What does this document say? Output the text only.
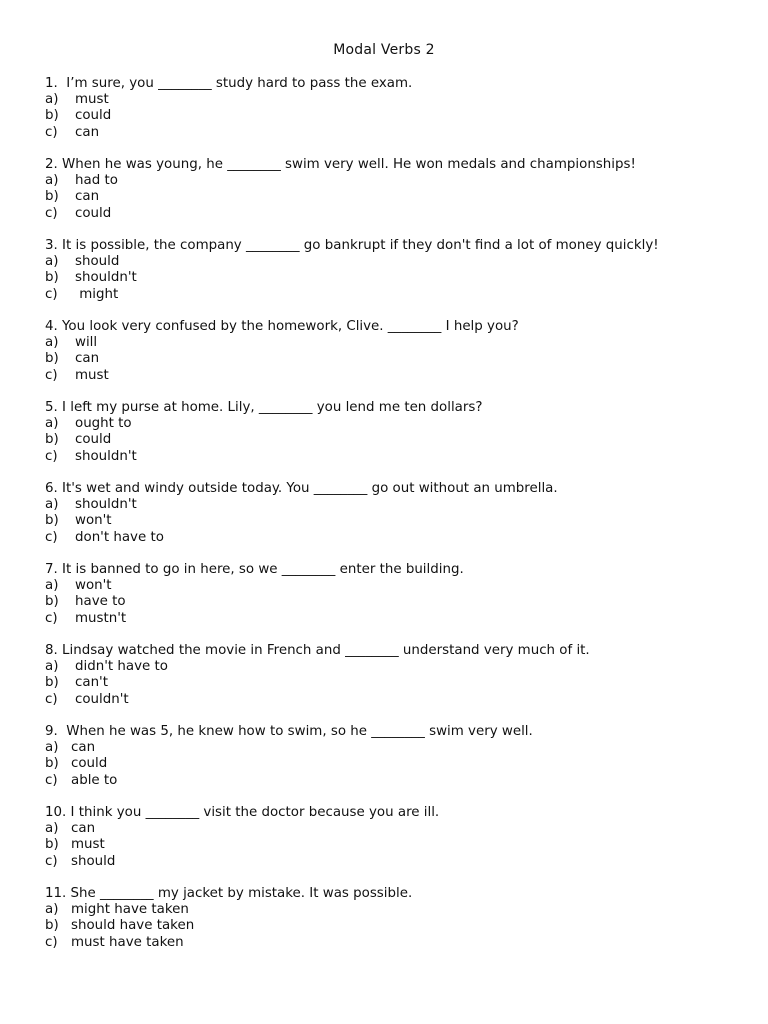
Modal Verbs 2
1.  I’m sure, you ________ study hard to pass the exam.
a)	must
b)	could
c)	can
2. When he was young, he ________ swim very well. He won medals and championships!
a)	had to
b)	can
c)	could
3. It is possible, the company ________ go bankrupt if they don't find a lot of money quickly!
a)	should
b)	shouldn't
c)	might
4. You look very confused by the homework, Clive. ________ I help you?
a)	will
b)	can
c)	must
5. I left my purse at home. Lily, ________ you lend me ten dollars?
a)	ought to
b)	could
c)	shouldn't
6. It's wet and windy outside today. You ________ go out without an umbrella.
a)	shouldn't
b)	won't
c)	don't have to
7. It is banned to go in here, so we ________ enter the building.
a)	won't
b)	have to
c)	mustn't
8. Lindsay watched the movie in French and ________ understand very much of it.
a)	didn't have to
b)	can't
c)	couldn't
9.  When he was 5, he knew how to swim, so he ________ swim very well.
a) can
b) could
c)	able to
10. I think you ________ visit the doctor because you are ill.
a) can
b) must
c)	should
11. She ________ my jacket by mistake. It was possible.
a) might have taken
b) should have taken
c)	must have taken
